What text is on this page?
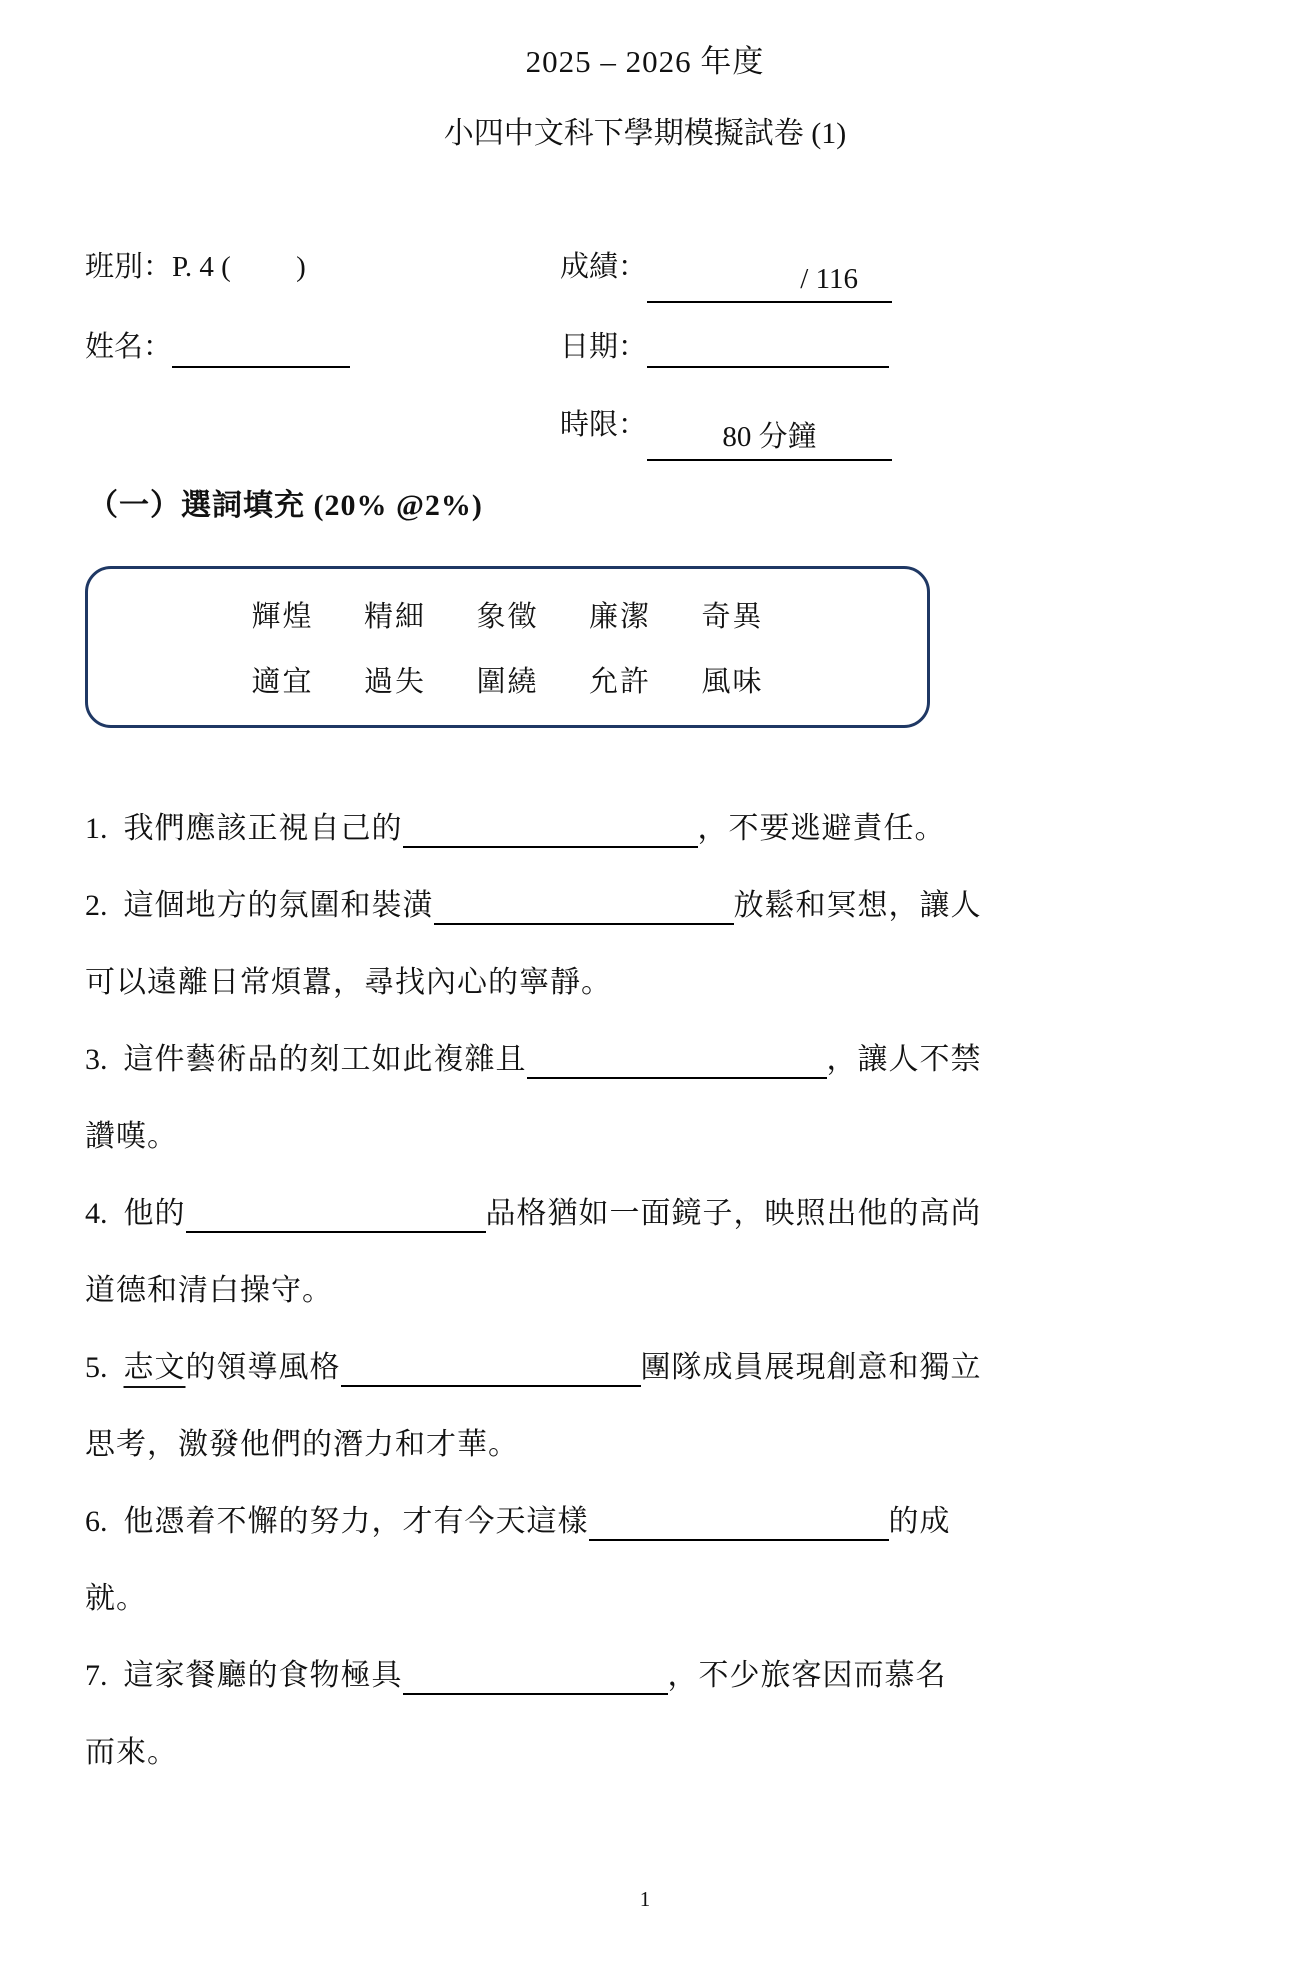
2025 – 2026 年度
小四中文科下學期模擬試卷 (1)
班別：P. 4 (         )	成績：	/ 116
姓名：	日期：
時限：	80 分鐘
（一）選詞填充 (20% @2%)
輝煌  精細  象徵  廉潔  奇異
適宜  過失  圍繞  允許  風味

1. 我們應該正視自己的	，不要逃避責任。

2. 這個地方的氛圍和裝潢	放鬆和冥想，讓人
可以遠離日常煩囂，尋找內心的寧靜。

3. 這件藝術品的刻工如此複雜且	，讓人不禁
讚嘆。

4. 他的	品格猶如一面鏡子，映照出他的高尚
道德和清白操守。

5. 志文的領導風格	團隊成員展現創意和獨立
思考，激發他們的潛力和才華。

6. 他憑着不懈的努力，才有今天這樣	的成
就。

7. 這家餐廳的食物極具	，不少旅客因而慕名
而來。

1
